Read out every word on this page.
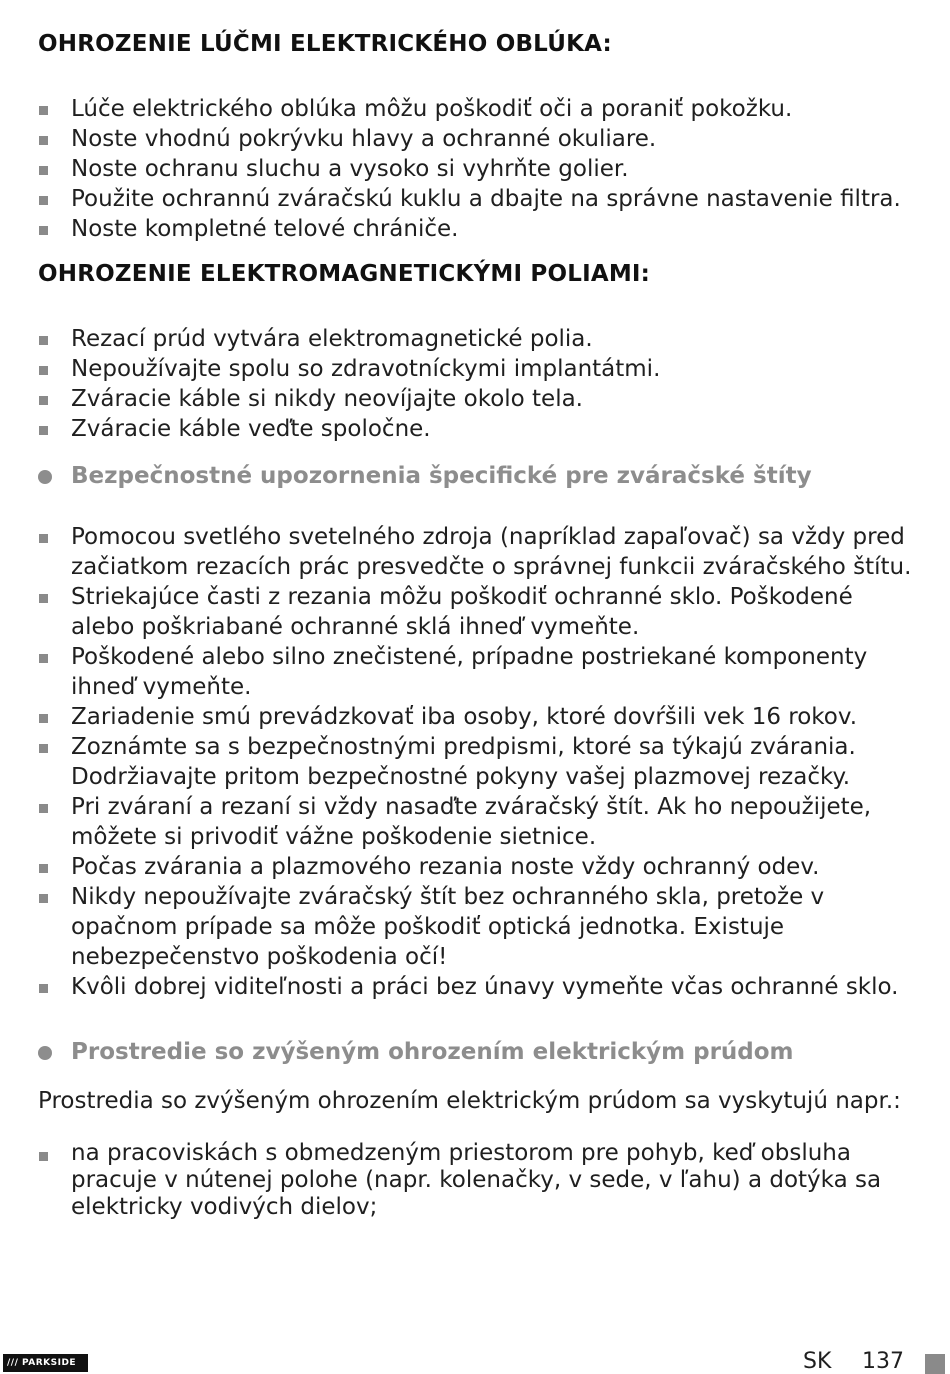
OHROZENIE LÚČMI ELEKTRICKÉHO OBLÚKA:
Lúče elektrického oblúka môžu poškodiť oči a poraniť pokožku.
Noste vhodnú pokrývku hlavy a ochranné okuliare.
Noste ochranu sluchu a vysoko si vyhrňte golier.
Použite ochrannú zváračskú kuklu a dbajte na správne nastavenie filtra.
Noste kompletné telové chrániče.
OHROZENIE ELEKTROMAGNETICKÝMI POLIAMI:
Rezací prúd vytvára elektromagnetické polia.
Nepoužívajte spolu so zdravotníckymi implantátmi.
Zváracie káble si nikdy neovíjajte okolo tela.
Zváracie káble veďte spoločne.
Bezpečnostné upozornenia špecifické pre zváračské štíty
Pomocou svetlého svetelného zdroja (napríklad zapaľovač) sa vždy pred začiatkom rezacích prác presvedčte o správnej funkcii zváračského štítu.
Striekajúce časti z rezania môžu poškodiť ochranné sklo. Poškodené alebo poškriabané ochranné sklá ihneď vymeňte.
Poškodené alebo silno znečistené, prípadne postriekané komponenty ihneď vymeňte.
Zariadenie smú prevádzkovať iba osoby, ktoré dovŕšili vek 16 rokov.
Zoznámte sa s bezpečnostnými predpismi, ktoré sa týkajú zvárania. Dodržiavajte pritom bezpečnostné pokyny vašej plazmovej rezačky.
Pri zváraní a rezaní si vždy nasaďte zváračský štít. Ak ho nepoužijete, môžete si privodiť vážne poškodenie sietnice.
Počas zvárania a plazmového rezania noste vždy ochranný odev.
Nikdy nepoužívajte zváračský štít bez ochranného skla, pretože v opačnom prípade sa môže poškodiť optická jednotka. Existuje nebezpečenstvo poškodenia očí!
Kvôli dobrej viditeľnosti a práci bez únavy vymeňte včas ochranné sklo.
Prostredie so zvýšeným ohrozením elektrickým prúdom

Prostredia so zvýšeným ohrozením elektrickým prúdom sa vyskytujú napr.:

na pracoviskách s obmedzeným priestorom pre pohyb, keď obsluha pracuje v nútenej polohe (napr. kolenačky, v sede, v ľahu) a dotýka sa elektricky vodivých dielov;
/// PARKSIDE	SK 137
